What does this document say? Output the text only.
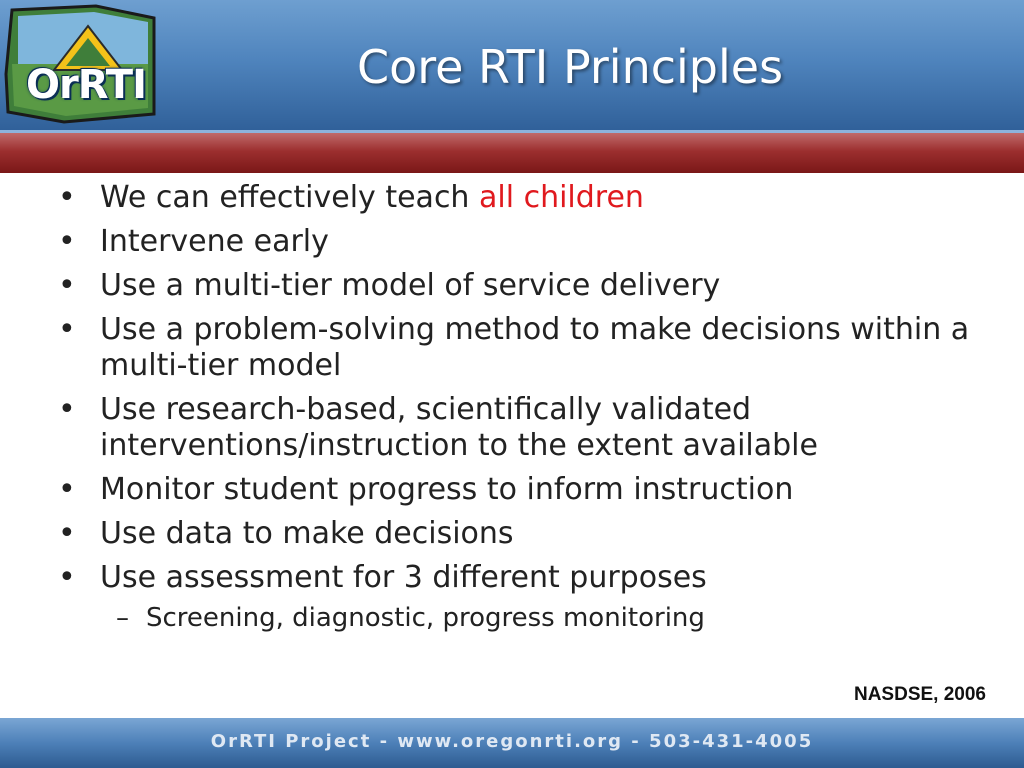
OrRTI	Core RTI Principles
• We can effectively teach all children
• Intervene early
• Use a multi-tier model of service delivery
• Use a problem-solving method to make decisions within a multi-tier model
• Use research-based, scientifically validated interventions/instruction to the extent available
• Monitor student progress to inform instruction
• Use data to make decisions
• Use assessment for 3 different purposes
– Screening, diagnostic, progress monitoring
NASDSE, 2006
OrRTI Project - www.oregonrti.org - 503-431-4005
